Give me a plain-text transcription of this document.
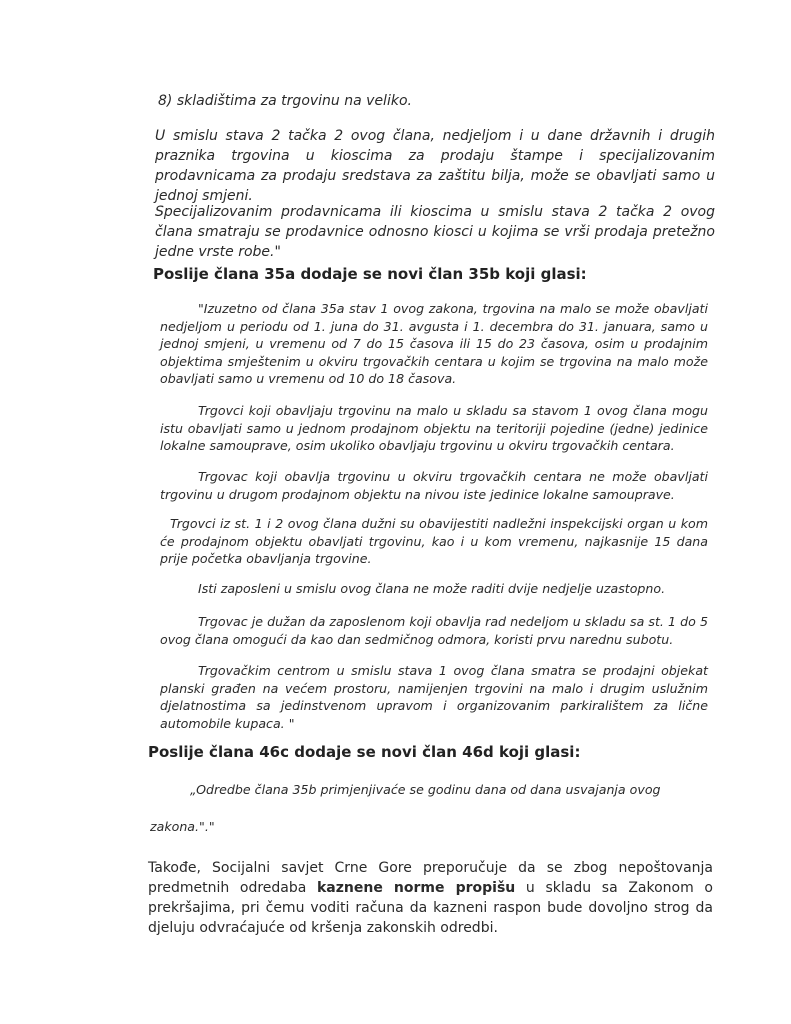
8) skladištima za trgovinu na veliko.

U smislu stava 2 tačka 2 ovog člana, nedjeljom i u dane državnih i drugih praznika trgovina u kioscima za prodaju štampe i specijalizovanim prodavnicama za prodaju sredstava za zaštitu bilja, može se obavljati samo u jednoj smjeni.

Specijalizovanim prodavnicama ili kioscima u smislu stava 2 tačka 2 ovog člana smatraju se prodavnice odnosno kiosci u kojima se vrši prodaja pretežno jedne vrste robe."

Poslije člana 35a dodaje se novi član 35b koji glasi:

"Izuzetno od člana 35a stav 1 ovog zakona, trgovina na malo se može obavljati nedjeljom u periodu od 1. juna do 31. avgusta i 1. decembra do 31. januara, samo u jednoj smjeni, u vremenu od 7 do 15 časova ili 15 do 23 časova, osim u prodajnim objektima smještenim u okviru trgovačkih centara u kojim se trgovina na malo može obavljati samo u vremenu od 10 do 18 časova.

Trgovci koji obavljaju trgovinu na malo u skladu sa stavom 1 ovog člana mogu istu obavljati samo u jednom prodajnom objektu na teritoriji pojedine (jedne) jedinice lokalne samouprave, osim ukoliko obavljaju trgovinu u okviru trgovačkih centara.

Trgovac koji obavlja trgovinu u okviru trgovačkih centara ne može obavljati trgovinu u drugom prodajnom objektu na nivou iste jedinice lokalne samouprave.

Trgovci iz st. 1 i 2 ovog člana dužni su obavijestiti nadležni inspekcijski organ u kom će prodajnom objektu obavljati trgovinu, kao i u kom vremenu, najkasnije 15 dana prije početka obavljanja trgovine.

Isti zaposleni u smislu ovog člana ne može raditi dvije nedjelje uzastopno.

Trgovac je dužan da zaposlenom koji obavlja rad nedeljom u skladu sa st. 1 do 5 ovog člana omogući da kao dan sedmičnog odmora, koristi prvu narednu subotu.

Trgovačkim centrom u smislu stava 1 ovog člana smatra se prodajni objekat planski građen na većem prostoru, namijenjen trgovini na malo i drugim uslužnim djelatnostima sa jedinstvenom upravom i organizovanim parkiralištem za lične automobile kupaca. "

Poslije člana 46c dodaje se novi član 46d koji glasi:

„Odredbe člana 35b primjenjivaće se godinu dana od dana usvajanja ovog

zakona."."

Takođe, Socijalni savjet Crne Gore preporučuje da se zbog nepoštovanja predmetnih odredaba kaznene norme propišu u skladu sa Zakonom o prekršajima, pri čemu voditi računa da kazneni raspon bude dovoljno strog da djeluju odvraćajuće od kršenja zakonskih odredbi.
